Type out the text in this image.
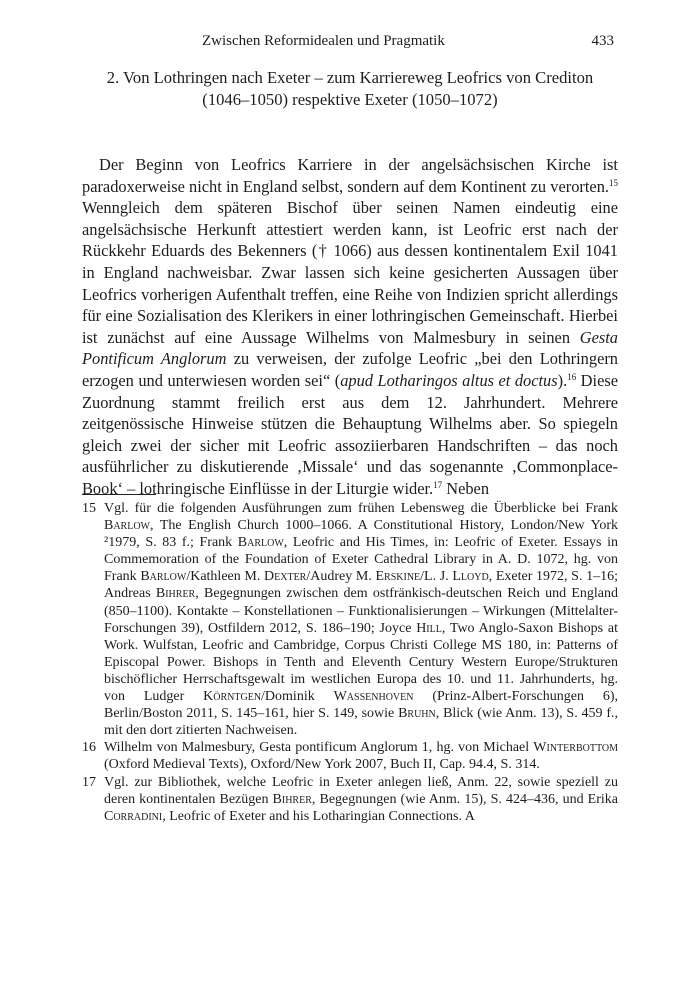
Zwischen Reformidealen und Pragmatik	433
2. Von Lothringen nach Exeter – zum Karriereweg Leofrics von Crediton
(1046–1050) respektive Exeter (1050–1072)

Der Beginn von Leofrics Karriere in der angelsächsischen Kirche ist paradoxerweise nicht in England selbst, sondern auf dem Kontinent zu verorten.$^{15}$ Wenngleich dem späteren Bischof über seinen Namen eindeutig eine angelsächsische Herkunft attestiert werden kann, ist Leofric erst nach der Rückkehr Eduards des Bekenners († 1066) aus dessen kontinentalem Exil 1041 in England nachweisbar. Zwar lassen sich keine gesicherten Aussagen über Leofrics vorherigen Aufenthalt treffen, eine Reihe von Indizien spricht allerdings für eine Sozialisation des Klerikers in einer lothringischen Gemeinschaft. Hierbei ist zunächst auf eine Aussage Wilhelms von Malmesbury in seinen Gesta Pontificum Anglorum zu verweisen, der zufolge Leofric „bei den Lothringern erzogen und unterwiesen worden sei“ (apud Lotharingos altus et doctus).$^{16}$ Diese Zuordnung stammt freilich erst aus dem 12. Jahrhundert. Mehrere zeitgenössische Hinweise stützen die Behauptung Wilhelms aber. So spiegeln gleich zwei der sicher mit Leofric assoziierbaren Handschriften – das noch ausführlicher zu diskutierende ‚Missale‘ und das sogenannte ‚Commonplace-Book‘ – lothringische Einflüsse in der Liturgie wider.$^{17}$ Neben

15 Vgl. für die folgenden Ausführungen zum frühen Lebensweg die Überblicke bei Frank Barlow, The English Church 1000–1066. A Constitutional History, London/New York ²1979, S. 83 f.; Frank Barlow, Leofric and His Times, in: Leofric of Exeter. Essays in Commemoration of the Foundation of Exeter Cathedral Library in A. D. 1072, hg. von Frank Barlow/Kathleen M. Dexter/Audrey M. Erskine/L. J. Lloyd, Exeter 1972, S. 1–16; Andreas Bihrer, Begegnungen zwischen dem ostfränkisch-deutschen Reich und England (850–1100). Kontakte – Konstellationen – Funktionalisierungen – Wirkungen (Mittelalter-Forschungen 39), Ostfildern 2012, S. 186–190; Joyce Hill, Two Anglo-Saxon Bishops at Work. Wulfstan, Leofric and Cambridge, Corpus Christi College MS 180, in: Patterns of Episcopal Power. Bishops in Tenth and Eleventh Century Western Europe/Strukturen bischöflicher Herrschaftsgewalt im westlichen Europa des 10. und 11. Jahrhunderts, hg. von Ludger Körntgen/Dominik Wassenhoven (Prinz-Albert-Forschungen 6), Berlin/Boston 2011, S. 145–161, hier S. 149, sowie Bruhn, Blick (wie Anm. 13), S. 459 f., mit den dort zitierten Nachweisen.
16 Wilhelm von Malmesbury, Gesta pontificum Anglorum 1, hg. von Michael Winterbottom (Oxford Medieval Texts), Oxford/New York 2007, Buch II, Cap. 94.4, S. 314.
17 Vgl. zur Bibliothek, welche Leofric in Exeter anlegen ließ, Anm. 22, sowie speziell zu deren kontinentalen Bezügen Bihrer, Begegnungen (wie Anm. 15), S. 424–436, und Erika Corradini, Leofric of Exeter and his Lotharingian Connections. A
